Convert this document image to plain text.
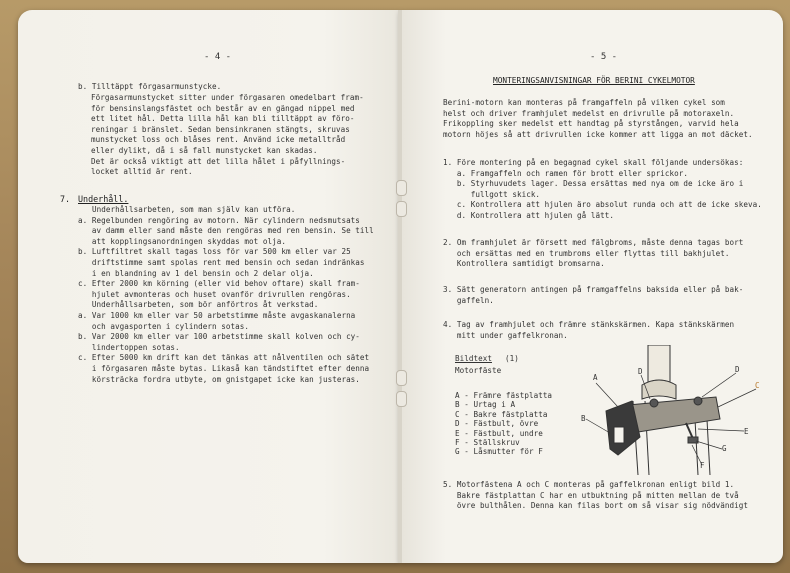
- 4 -
b. Tilltäppt förgasarmunstycke.
Förgasarmunstycket sitter under förgasaren omedelbart fram-
för bensinslangsfästet och består av en gängad nippel med
ett litet hål. Detta lilla hål kan bli tilltäppt av föro-
reningar i bränslet. Sedan bensinkranen stängts, skruvas
munstycket loss och blåses rent. Använd icke metalltråd
eller dylikt, då i så fall munstycket kan skadas.
Det är också viktigt att det lilla hålet i påfyllnings-
locket alltid är rent.
7. Underhåll.
Underhållsarbeten, som man själv kan utföra.
a. Regelbunden rengöring av motorn. När cylindern nedsmutsats
av damm eller sand måste den rengöras med ren bensin. Se till
att kopplingsanordningen skyddas mot olja.
b. Luftfiltret skall tagas loss för var 500 km eller var 25
driftstimme samt spolas rent med bensin och sedan indränkas
i en blandning av 1 del bensin och 2 delar olja.
c. Efter 2000 km körning (eller vid behov oftare) skall fram-
hjulet avmonteras och huset ovanför drivrullen rengöras.
Underhållsarbeten, som bör anförtros åt verkstad.
a. Var 1000 km eller var 50 arbetstimme måste avgaskanalerna
och avgasporten i cylindern sotas.
b. Var 2000 km eller var 100 arbetstimme skall kolven och cy-
lindertoppen sotas.
c. Efter 5000 km drift kan det tänkas att nålventilen och sätet
i förgasaren måste bytas. Likaså kan tändstiftet efter denna
körsträcka fordra utbyte, om gnistgapet icke kan justeras.
- 5 -
MONTERINGSANVISNINGAR FÖR BERINI CYKELMOTOR
Berini-motorn kan monteras på framgaffeln på vilken cykel som
helst och driver framhjulet medelst en drivrulle på motoraxeln.
Frikoppling sker medelst ett handtag på styrstången, varvid hela
motorn höjes så att drivrullen icke kommer att ligga an mot däcket.
1. Före montering på en begagnad cykel skall följande undersökas:
a. Framgaffeln och ramen för brott eller sprickor.
b. Styrhuvudets lager. Dessa ersättas med nya om de icke äro i
fullgott skick.
c. Kontrollera att hjulen äro absolut runda och att de icke skeva.
d. Kontrollera att hjulen gå lätt.
2. Om framhjulet är försett med fälgbroms, måste denna tagas bort
och ersättas med en trumbroms eller flyttas till bakhjulet.
Kontrollera samtidigt bromsarna.
3. Sätt generatorn antingen på framgaffelns baksida eller på bak-
gaffeln.
4. Tag av framhjulet och främre stänkskärmen. Kapa stänkskärmen
mitt under gaffelkronan.
Bildtext (1)
Motorfäste
A - Främre fästplatta
B - Urtag i A
C - Bakre fästplatta
D - Fästbult, övre
E - Fästbult, undre
F - Ställskruv
G - Låsmutter för F
A
D	D
C
B
E
G
F
5. Motorfästena A och C monteras på gaffelkronan enligt bild 1.
Bakre fästplattan C har en utbuktning på mitten mellan de två
övre bulthålen. Denna kan filas bort om så visar sig nödvändigt
